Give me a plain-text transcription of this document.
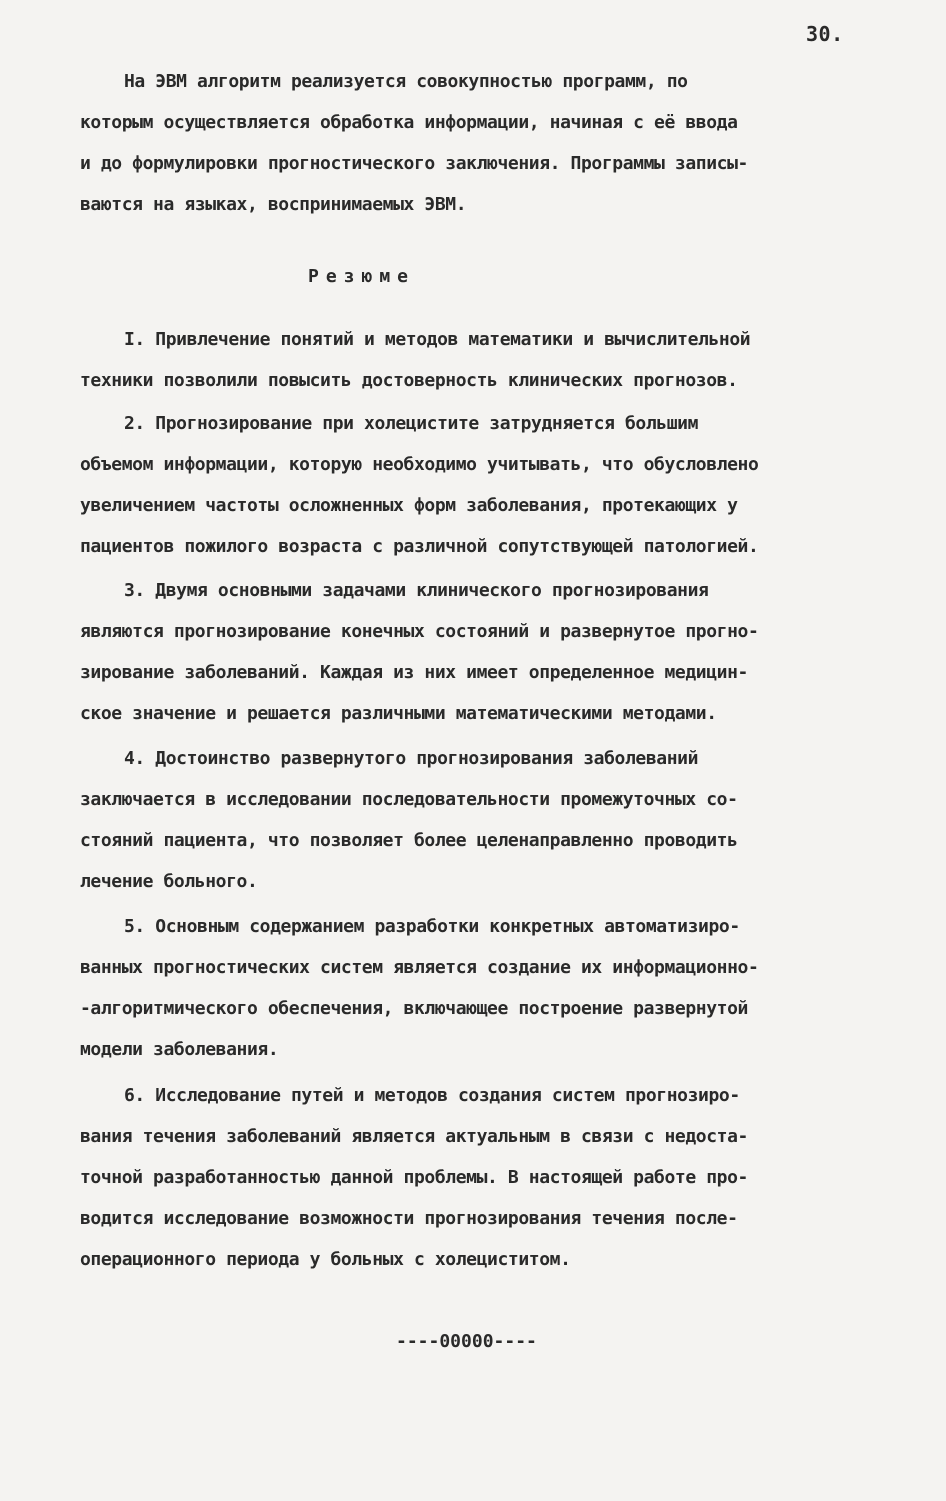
30.
На ЭВМ алгоритм реализуется совокупностью программ, по
которым осуществляется обработка информации, начиная с её ввода
и до формулировки прогностического заключения. Программы записы-
ваются на языках, воспринимаемых ЭВМ.
Резюме
I. Привлечение понятий и методов математики и вычислительной
техники позволили повысить достоверность клинических прогнозов.
2. Прогнозирование при холецистите затрудняется большим
объемом информации, которую необходимо учитывать, что обусловлено
увеличением частоты осложненных форм заболевания, протекающих у
пациентов пожилого возраста с различной сопутствующей патологией.
3. Двумя основными задачами клинического прогнозирования
являются прогнозирование конечных состояний и развернутое прогно-
зирование заболеваний. Каждая из них имеет определенное медицин-
ское значение и решается различными математическими методами.
4. Достоинство развернутого прогнозирования заболеваний
заключается в исследовании последовательности промежуточных со-
стояний пациента, что позволяет более целенаправленно проводить
лечение больного.
5. Основным содержанием разработки конкретных автоматизиро-
ванных прогностических систем является создание их информационно-
-алгоритмического обеспечения, включающее построение развернутой
модели заболевания.
6. Исследование путей и методов создания систем прогнозиро-
вания течения заболеваний является актуальным в связи с недоста-
точной разработанностью данной проблемы. В настоящей работе про-
водится исследование возможности прогнозирования течения после-
операционного периода у больных с холециститом.
----00000----
